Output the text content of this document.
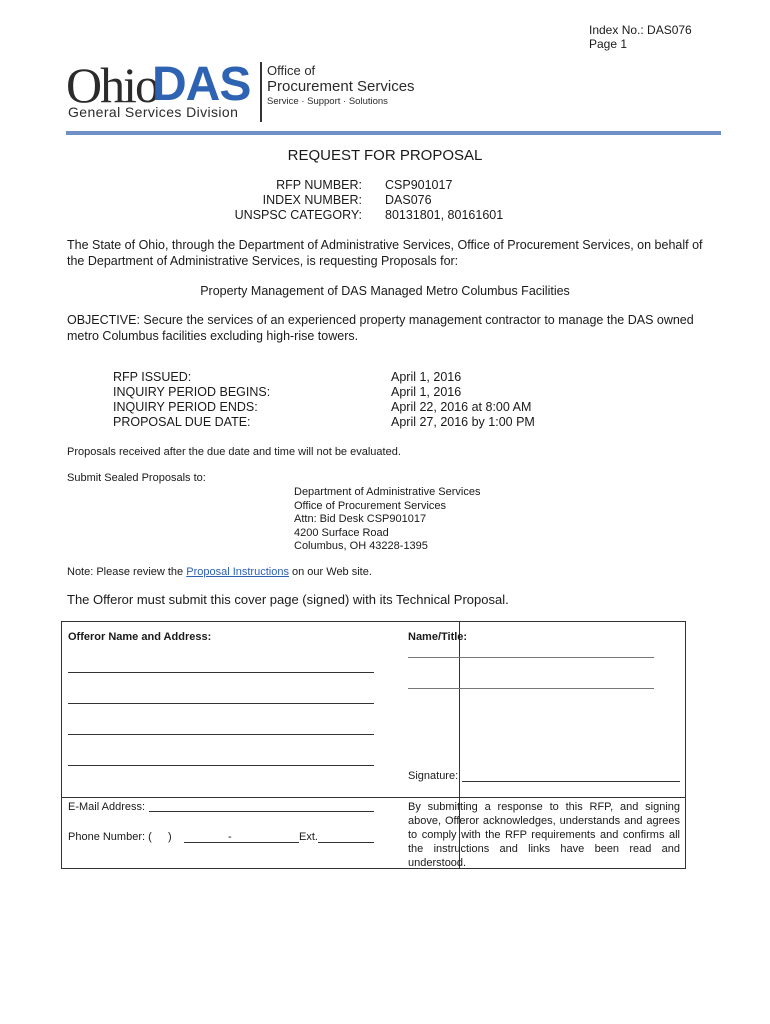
Index No.: DAS076
Page 1
Ohio
DAS
General Services Division
Office of
Procurement Services
Service · Support · Solutions
REQUEST FOR PROPOSAL
RFP NUMBER:
INDEX NUMBER:
UNSPSC CATEGORY:
CSP901017
DAS076
80131801, 80161601
The State of Ohio, through the Department of Administrative Services, Office of Procurement Services, on behalf of the Department of Administrative Services, is requesting Proposals for:
Property Management of DAS Managed Metro Columbus Facilities
OBJECTIVE: Secure the services of an experienced property management contractor to manage the DAS owned metro Columbus facilities excluding high-rise towers.
RFP ISSUED:
INQUIRY PERIOD BEGINS:
INQUIRY PERIOD ENDS:
PROPOSAL DUE DATE:
April 1, 2016
April 1, 2016
April 22, 2016 at 8:00 AM
April 27, 2016 by 1:00 PM
Proposals received after the due date and time will not be evaluated.
Submit Sealed Proposals to:
Department of Administrative Services
Office of Procurement Services
Attn: Bid Desk CSP901017
4200 Surface Road
Columbus, OH 43228-1395
Note: Please review the Proposal Instructions on our Web site.
The Offeror must submit this cover page (signed) with its Technical Proposal.
Offeror Name and Address:
E-Mail Address:
Phone Number: ( )	-	Ext.
Name/Title:
Signature:
By submitting a response to this RFP, and signing above, Offeror acknowledges, understands and agrees to comply with the RFP requirements and confirms all the instructions and links have been read and understood.
